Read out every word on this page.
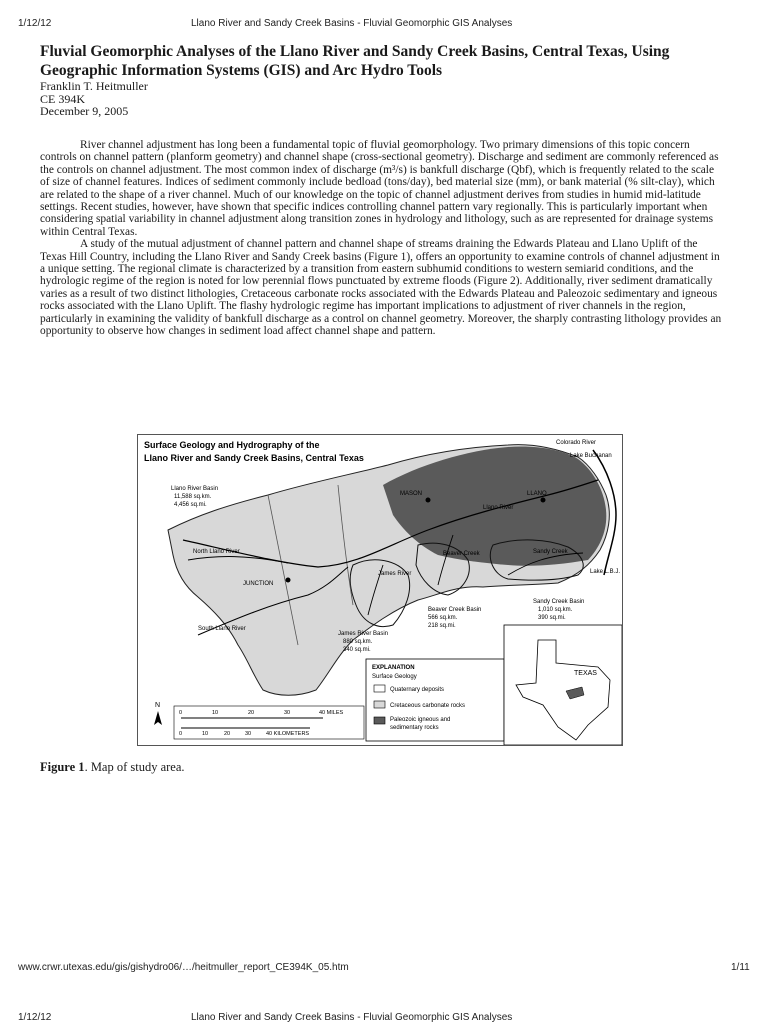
1/12/12	Llano River and Sandy Creek Basins - Fluvial Geomorphic GIS Analyses
Fluvial Geomorphic Analyses of the Llano River and Sandy Creek Basins, Central Texas, Using Geographic Information Systems (GIS) and Arc Hydro Tools
Franklin T. Heitmuller
CE 394K
December 9, 2005

River channel adjustment has long been a fundamental topic of fluvial geomorphology. Two primary dimensions of this topic concern controls on channel pattern (planform geometry) and channel shape (cross-sectional geometry). Discharge and sediment are commonly referenced as the controls on channel adjustment. The most common index of discharge (m³/s) is bankfull discharge (Qbf), which is frequently related to the scale of size of channel features. Indices of sediment commonly include bedload (tons/day), bed material size (mm), or bank material (% silt-clay), which are related to the shape of a river channel. Much of our knowledge on the topic of channel adjustment derives from studies in humid mid-latitude settings. Recent studies, however, have shown that specific indices controlling channel pattern vary regionally. This is particularly important when considering spatial variability in channel adjustment along transition zones in hydrology and lithology, such as are represented for drainage systems within Central Texas.

A study of the mutual adjustment of channel pattern and channel shape of streams draining the Edwards Plateau and Llano Uplift of the Texas Hill Country, including the Llano River and Sandy Creek basins (Figure 1), offers an opportunity to examine controls of channel adjustment in a unique setting. The regional climate is characterized by a transition from eastern subhumid conditions to western semiarid conditions, and the hydrologic regime of the region is noted for low perennial flows punctuated by extreme floods (Figure 2). Additionally, river sediment dramatically varies as a result of two distinct lithologies, Cretaceous carbonate rocks associated with the Edwards Plateau and Paleozoic sedimentary and igneous rocks associated with the Llano Uplift. The flashy hydrologic regime has important implications to adjustment of river channels in the region, particularly in examining the validity of bankfull discharge as a control on channel geometry. Moreover, the sharply contrasting lithology provides an opportunity to observe how changes in sediment load affect channel shape and pattern.

Surface Geology and Hydrography of the
Llano River and Sandy Creek Basins, Central Texas
Llano River Basin
11,588 sq.km.
4,456 sq.mi.
Colorado River
Lake Buchanan
MASON	LLANO
Llano River
North Llano River
South Llano River
JUNCTION
James River
Beaver Creek	Sandy Creek
Lake L.B.J.
Beaver Creek Basin
566 sq.km.
218 sq.mi.
Sandy Creek Basin
1,010 sq.km.
390 sq.mi.
James River Basin
880 sq.km.
340 sq.mi.
EXPLANATION
Surface Geology
Quaternary deposits
Cretaceous carbonate rocks
Paleozoic igneous and
sedimentary rocks
TEXAS
N
0	10	20	30	40 MILES
0	10	20	30	40 KILOMETERS
Figure 1. Map of study area.
www.crwr.utexas.edu/gis/gishydro06/…/heitmuller_report_CE394K_05.htm	1/11
1/12/12	Llano River and Sandy Creek Basins - Fluvial Geomorphic GIS Analyses
